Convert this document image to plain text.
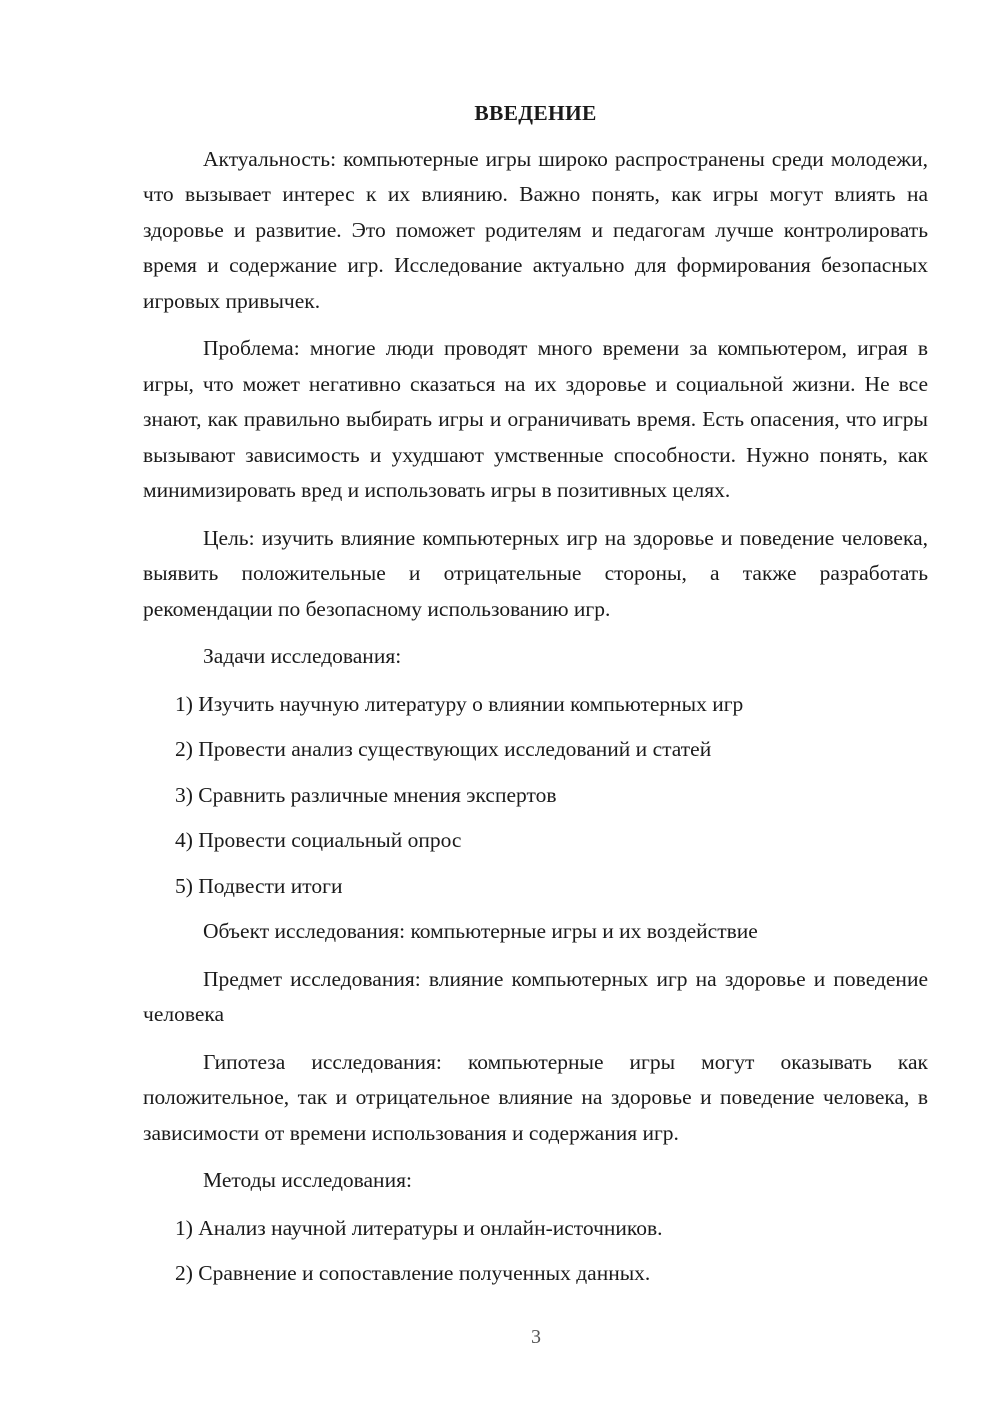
ВВЕДЕНИЕ

Актуальность: компьютерные игры широко распространены среди молодежи, что вызывает интерес к их влиянию. Важно понять, как игры могут влиять на здоровье и развитие. Это поможет родителям и педагогам лучше контролировать время и содержание игр. Исследование актуально для формирования безопасных игровых привычек.

Проблема: многие люди проводят много времени за компьютером, играя в игры, что может негативно сказаться на их здоровье и социальной жизни. Не все знают, как правильно выбирать игры и ограничивать время. Есть опасения, что игры вызывают зависимость и ухудшают умственные способности. Нужно понять, как минимизировать вред и использовать игры в позитивных целях.

Цель: изучить влияние компьютерных игр на здоровье и поведение человека, выявить положительные и отрицательные стороны, а также разработать рекомендации по безопасному использованию игр.

Задачи исследования:

1) Изучить научную литературу о влиянии компьютерных игр
2) Провести анализ существующих исследований и статей
3) Сравнить различные мнения экспертов
4) Провести социальный опрос
5) Подвести итоги

Объект исследования: компьютерные игры и их воздействие

Предмет исследования: влияние компьютерных игр на здоровье и поведение человека

Гипотеза исследования: компьютерные игры могут оказывать как положительное, так и отрицательное влияние на здоровье и поведение человека, в зависимости от времени использования и содержания игр.

Методы исследования:

1) Анализ научной литературы и онлайн-источников.
2) Сравнение и сопоставление полученных данных.
3
